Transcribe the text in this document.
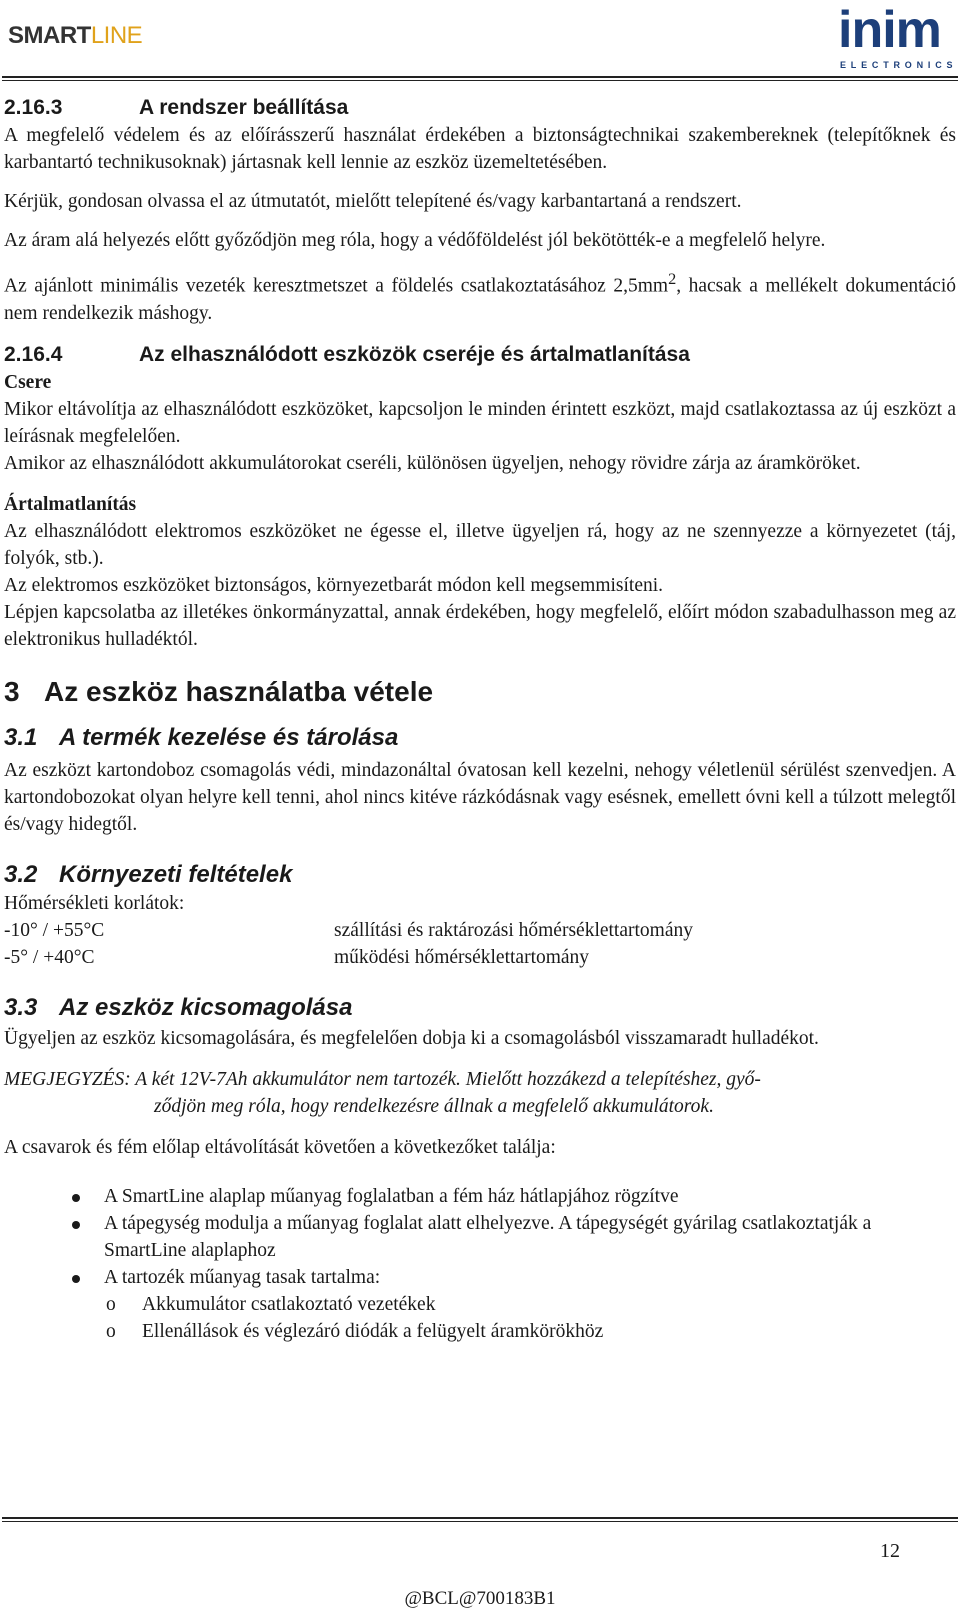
SMARTLINE	inim
ELECTRONICS
2.16.3	A rendszer beállítása

A megfelelő védelem és az előírásszerű használat érdekében a biztonságtechnikai szakembereknek (telepítőknek és karbantartó technikusoknak) jártasnak kell lennie az eszköz üzemeltetésében.

Kérjük, gondosan olvassa el az útmutatót, mielőtt telepítené és/vagy karbantartaná a rendszert.

Az áram alá helyezés előtt győződjön meg róla, hogy a védőföldelést jól bekötötték-e a megfelelő helyre.

Az ajánlott minimális vezeték keresztmetszet a földelés csatlakoztatásához $2,5mm^2$, hacsak a mellékelt dokumentáció nem rendelkezik máshogy.

2.16.4	Az elhasználódott eszközök cseréje és ártalmatlanítása

Csere

Mikor eltávolítja az elhasználódott eszközöket, kapcsoljon le minden érintett eszközt, majd csatlakoztassa az új eszközt a leírásnak megfelelően.

Amikor az elhasználódott akkumulátorokat cseréli, különösen ügyeljen, nehogy rövidre zárja az áramköröket.

Ártalmatlanítás

Az elhasználódott elektromos eszközöket ne égesse el, illetve ügyeljen rá, hogy az ne szennyezze a környezetet (táj, folyók, stb.).

Az elektromos eszközöket biztonságos, környezetbarát módon kell megsemmisíteni.

Lépjen kapcsolatba az illetékes önkormányzattal, annak érdekében, hogy megfelelő, előírt módon szabadulhasson meg az elektronikus hulladéktól.

3 Az eszköz használatba vétele
3.1 A termék kezelése és tárolása

Az eszközt kartondoboz csomagolás védi, mindazonáltal óvatosan kell kezelni, nehogy véletlenül sérülést szenvedjen. A kartondobozokat olyan helyre kell tenni, ahol nincs kitéve rázkódásnak vagy esésnek, emellett óvni kell a túlzott melegtől és/vagy hidegtől.

3.2 Környezeti feltételek

Hőmérsékleti korlátok:

-10° / +55°C	szállítási és raktározási hőmérséklettartomány
-5° / +40°C	működési hőmérséklettartomány
3.3 Az eszköz kicsomagolása

Ügyeljen az eszköz kicsomagolására, és megfelelően dobja ki a csomagolásból visszamaradt hulladékot.

MEGJEGYZÉS: A két 12V-7Ah akkumulátor nem tartozék. Mielőtt hozzákezd a telepítéshez, győ-
ződjön meg róla, hogy rendelkezésre állnak a megfelelő akkumulátorok.

A csavarok és fém előlap eltávolítását követően a következőket találja:

A SmartLine alaplap műanyag foglalatban a fém ház hátlapjához rögzítve
A tápegység modulja a műanyag foglalat alatt elhelyezve. A tápegységét gyárilag csatlakoztatják a SmartLine alaplaphoz
A tartozék műanyag tasak tartalma:
o Akkumulátor csatlakoztató vezetékek
o Ellenállások és véglezáró diódák a felügyelt áramkörökhöz
12
@BCL@700183B1
